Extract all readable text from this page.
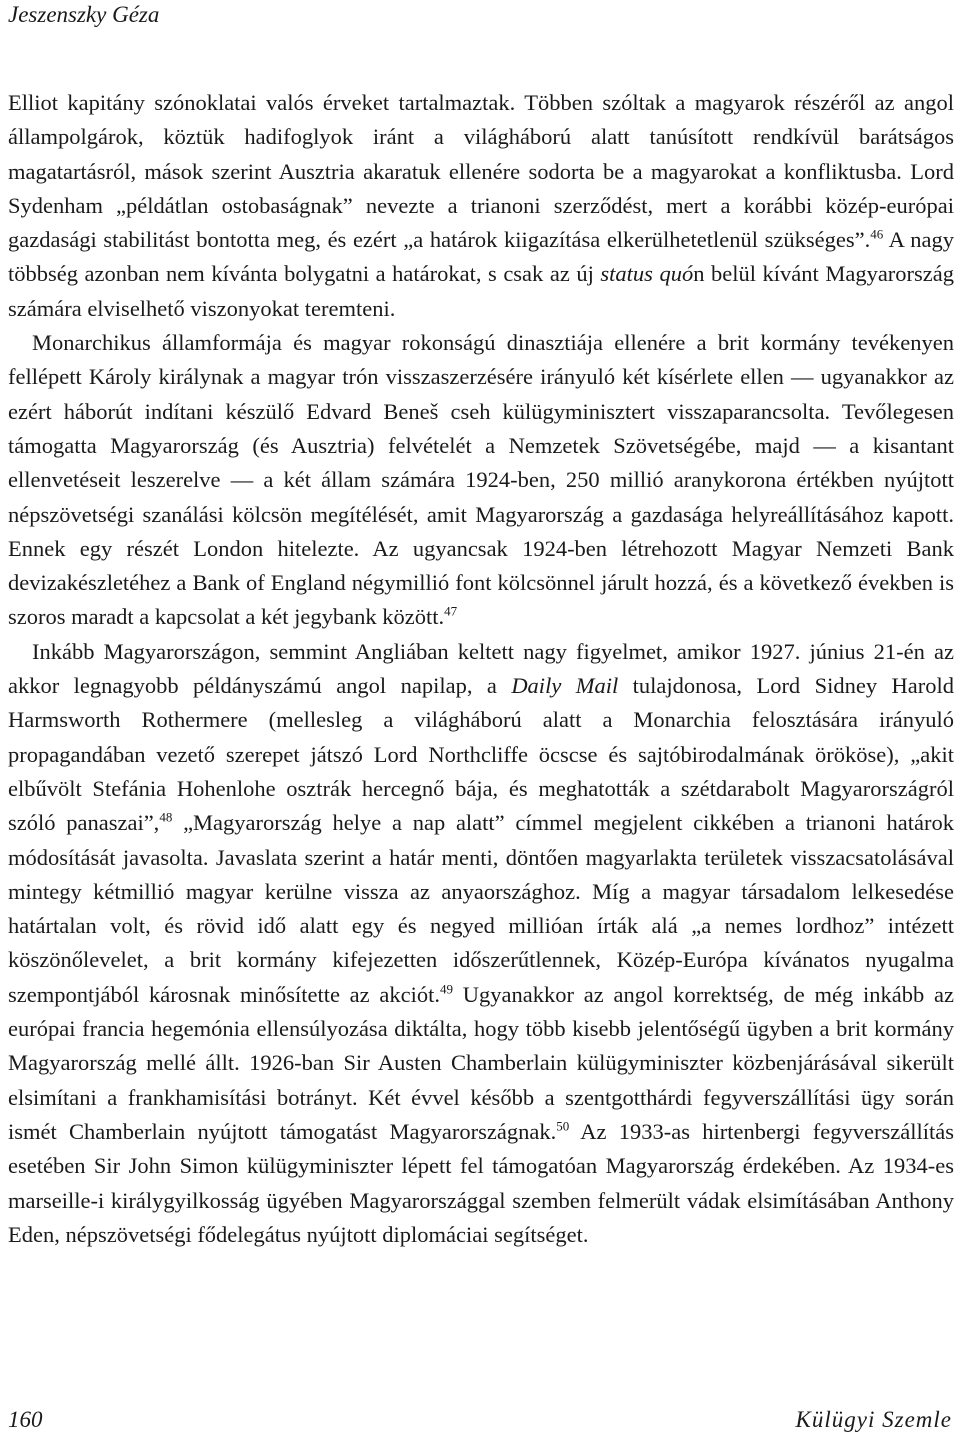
Jeszenszky Géza

Elliot kapitány szónoklatai valós érveket tartalmaztak. Többen szóltak a magyarok részéről az angol állampolgárok, köztük hadifoglyok iránt a világháború alatt tanúsított rendkívül barátságos magatartásról, mások szerint Ausztria akaratuk ellenére sodorta be a magyarokat a konfliktusba. Lord Sydenham „példátlan ostobaságnak” nevezte a trianoni szerződést, mert a korábbi közép-európai gazdasági stabilitást bontotta meg, és ezért „a határok kiigazítása elkerülhetetlenül szükséges”.$^{46}$ A nagy többség azonban nem kívánta bolygatni a határokat, s csak az új status quón belül kívánt Magyarország számára elviselhető viszonyokat teremteni.

Monarchikus államformája és magyar rokonságú dinasztiája ellenére a brit kormány tevékenyen fellépett Károly királynak a magyar trón visszaszerzésére irányuló két kísérlete ellen — ugyanakkor az ezért háborút indítani készülő Edvard Beneš cseh külügyminisztert visszaparancsolta. Tevőlegesen támogatta Magyarország (és Ausztria) felvételét a Nemzetek Szövetségébe, majd — a kisantant ellenvetéseit leszerelve — a két állam számára 1924-ben, 250 millió aranykorona értékben nyújtott népszövetségi szanálási kölcsön megítélését, amit Magyarország a gazdasága helyreállításához kapott. Ennek egy részét London hitelezte. Az ugyancsak 1924-ben létrehozott Magyar Nemzeti Bank devizakészletéhez a Bank of England négymillió font kölcsönnel járult hozzá, és a következő években is szoros maradt a kapcsolat a két jegybank között.$^{47}$

Inkább Magyarországon, semmint Angliában keltett nagy figyelmet, amikor 1927. június 21-én az akkor legnagyobb példányszámú angol napilap, a Daily Mail tulajdonosa, Lord Sidney Harold Harmsworth Rothermere (mellesleg a világháború alatt a Monarchia felosztására irányuló propagandában vezető szerepet játszó Lord Northcliffe öcscse és sajtóbirodalmának örököse), „akit elbűvölt Stefánia Hohenlohe osztrák hercegnő bája, és meghatották a szétdarabolt Magyarországról szóló panaszai”,$^{48}$ „Magyarország helye a nap alatt” címmel megjelent cikkében a trianoni határok módosítását javasolta. Javaslata szerint a határ menti, döntően magyarlakta területek visszacsatolásával mintegy kétmillió magyar kerülne vissza az anyaországhoz. Míg a magyar társadalom lelkesedése határtalan volt, és rövid idő alatt egy és negyed millióan írták alá „a nemes lordhoz” intézett köszönőlevelet, a brit kormány kifejezetten időszerűtlennek, Közép-Európa kívánatos nyugalma szempontjából károsnak minősítette az akciót.$^{49}$ Ugyanakkor az angol korrektség, de még inkább az európai francia hegemónia ellensúlyozása diktálta, hogy több kisebb jelentőségű ügyben a brit kormány Magyarország mellé állt. 1926-ban Sir Austen Chamberlain külügyminiszter közbenjárásával sikerült elsimítani a frankhamisítási botrányt. Két évvel később a szentgotthárdi fegyverszállítási ügy során ismét Chamberlain nyújtott támogatást Magyarországnak.$^{50}$ Az 1933-as hirtenbergi fegyverszállítás esetében Sir John Simon külügyminiszter lépett fel támogatóan Magyarország érdekében. Az 1934-es marseille-i királygyilkosság ügyében Magyarországgal szemben felmerült vádak elsimításában Anthony Eden, népszövetségi fődelegátus nyújtott diplomáciai segítséget.

160	Külügyi Szemle
